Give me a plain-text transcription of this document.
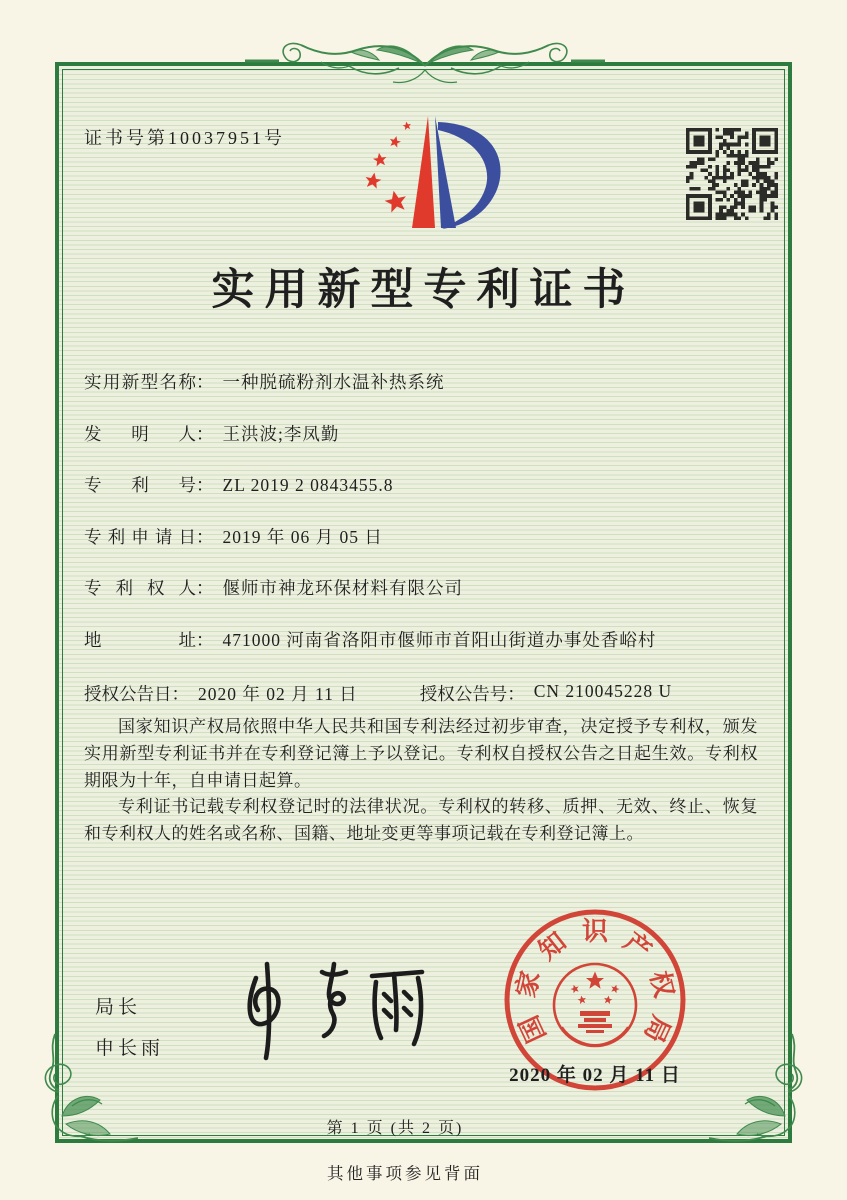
证书号第10037951号
实用新型专利证书
实用新型名称 ： 一种脱硫粉剂水温补热系统
发明人 ： 王洪波;李凤勤
专利号 ： ZL 2019 2 0843455.8
专利申请日 ： 2019 年 06 月 05 日
专利权人 ： 偃师市神龙环保材料有限公司
地址 ： 471000 河南省洛阳市偃师市首阳山街道办事处香峪村
授权公告日 ： 2020 年 02 月 11 日	授权公告号 ： CN 210045228 U

国家知识产权局依照中华人民共和国专利法经过初步审查，决定授予专利权，颁发实用新型专利证书并在专利登记簿上予以登记。专利权自授权公告之日起生效。专利权期限为十年，自申请日起算。

专利证书记载专利权登记时的法律状况。专利权的转移、质押、无效、终止、恢复和专利权人的姓名或名称、国籍、地址变更等事项记载在专利登记簿上。

局长
申长雨
国
家
知 识 产
权
局
2020 年 02 月 11 日
第 1 页 (共 2 页)
其他事项参见背面
